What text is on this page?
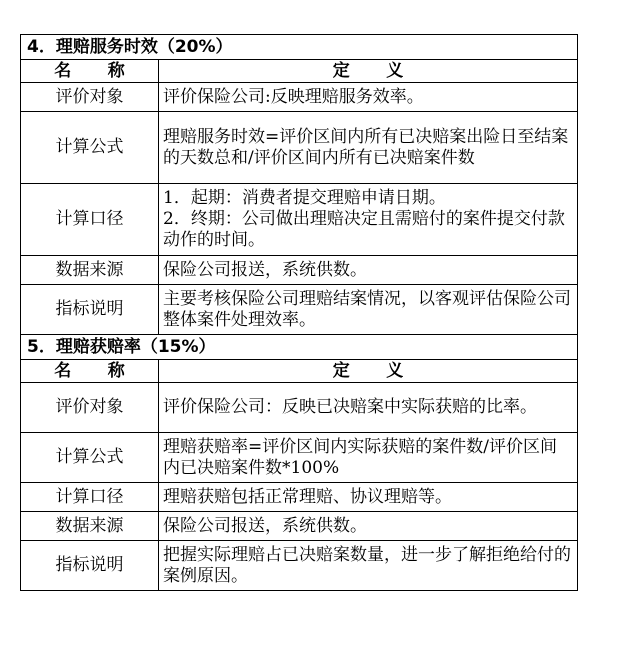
4．理赔服务时效（20%）	
名 称	定 义
评价对象	评价保险公司:反映理赔服务效率。
计算公式	理赔服务时效=评价区间内所有已决赔案出险日至结案的天数总和/评价区间内所有已决赔案件数
计算口径	1．起期：消费者提交理赔申请日期。
2．终期：公司做出理赔决定且需赔付的案件提交付款动作的时间。

数据来源	保险公司报送，系统供数。
指标说明	主要考核保险公司理赔结案情况，以客观评估保险公司整体案件处理效率。
5．理赔获赔率（15%）	
名 称	定 义
评价对象	评价保险公司：反映已决赔案中实际获赔的比率。
计算公式	理赔获赔率=评价区间内实际获赔的案件数/评价区间内已决赔案件数*100%
计算口径	理赔获赔包括正常理赔、协议理赔等。
数据来源	保险公司报送，系统供数。
指标说明	把握实际理赔占已决赔案数量，进一步了解拒绝给付的案例原因。
